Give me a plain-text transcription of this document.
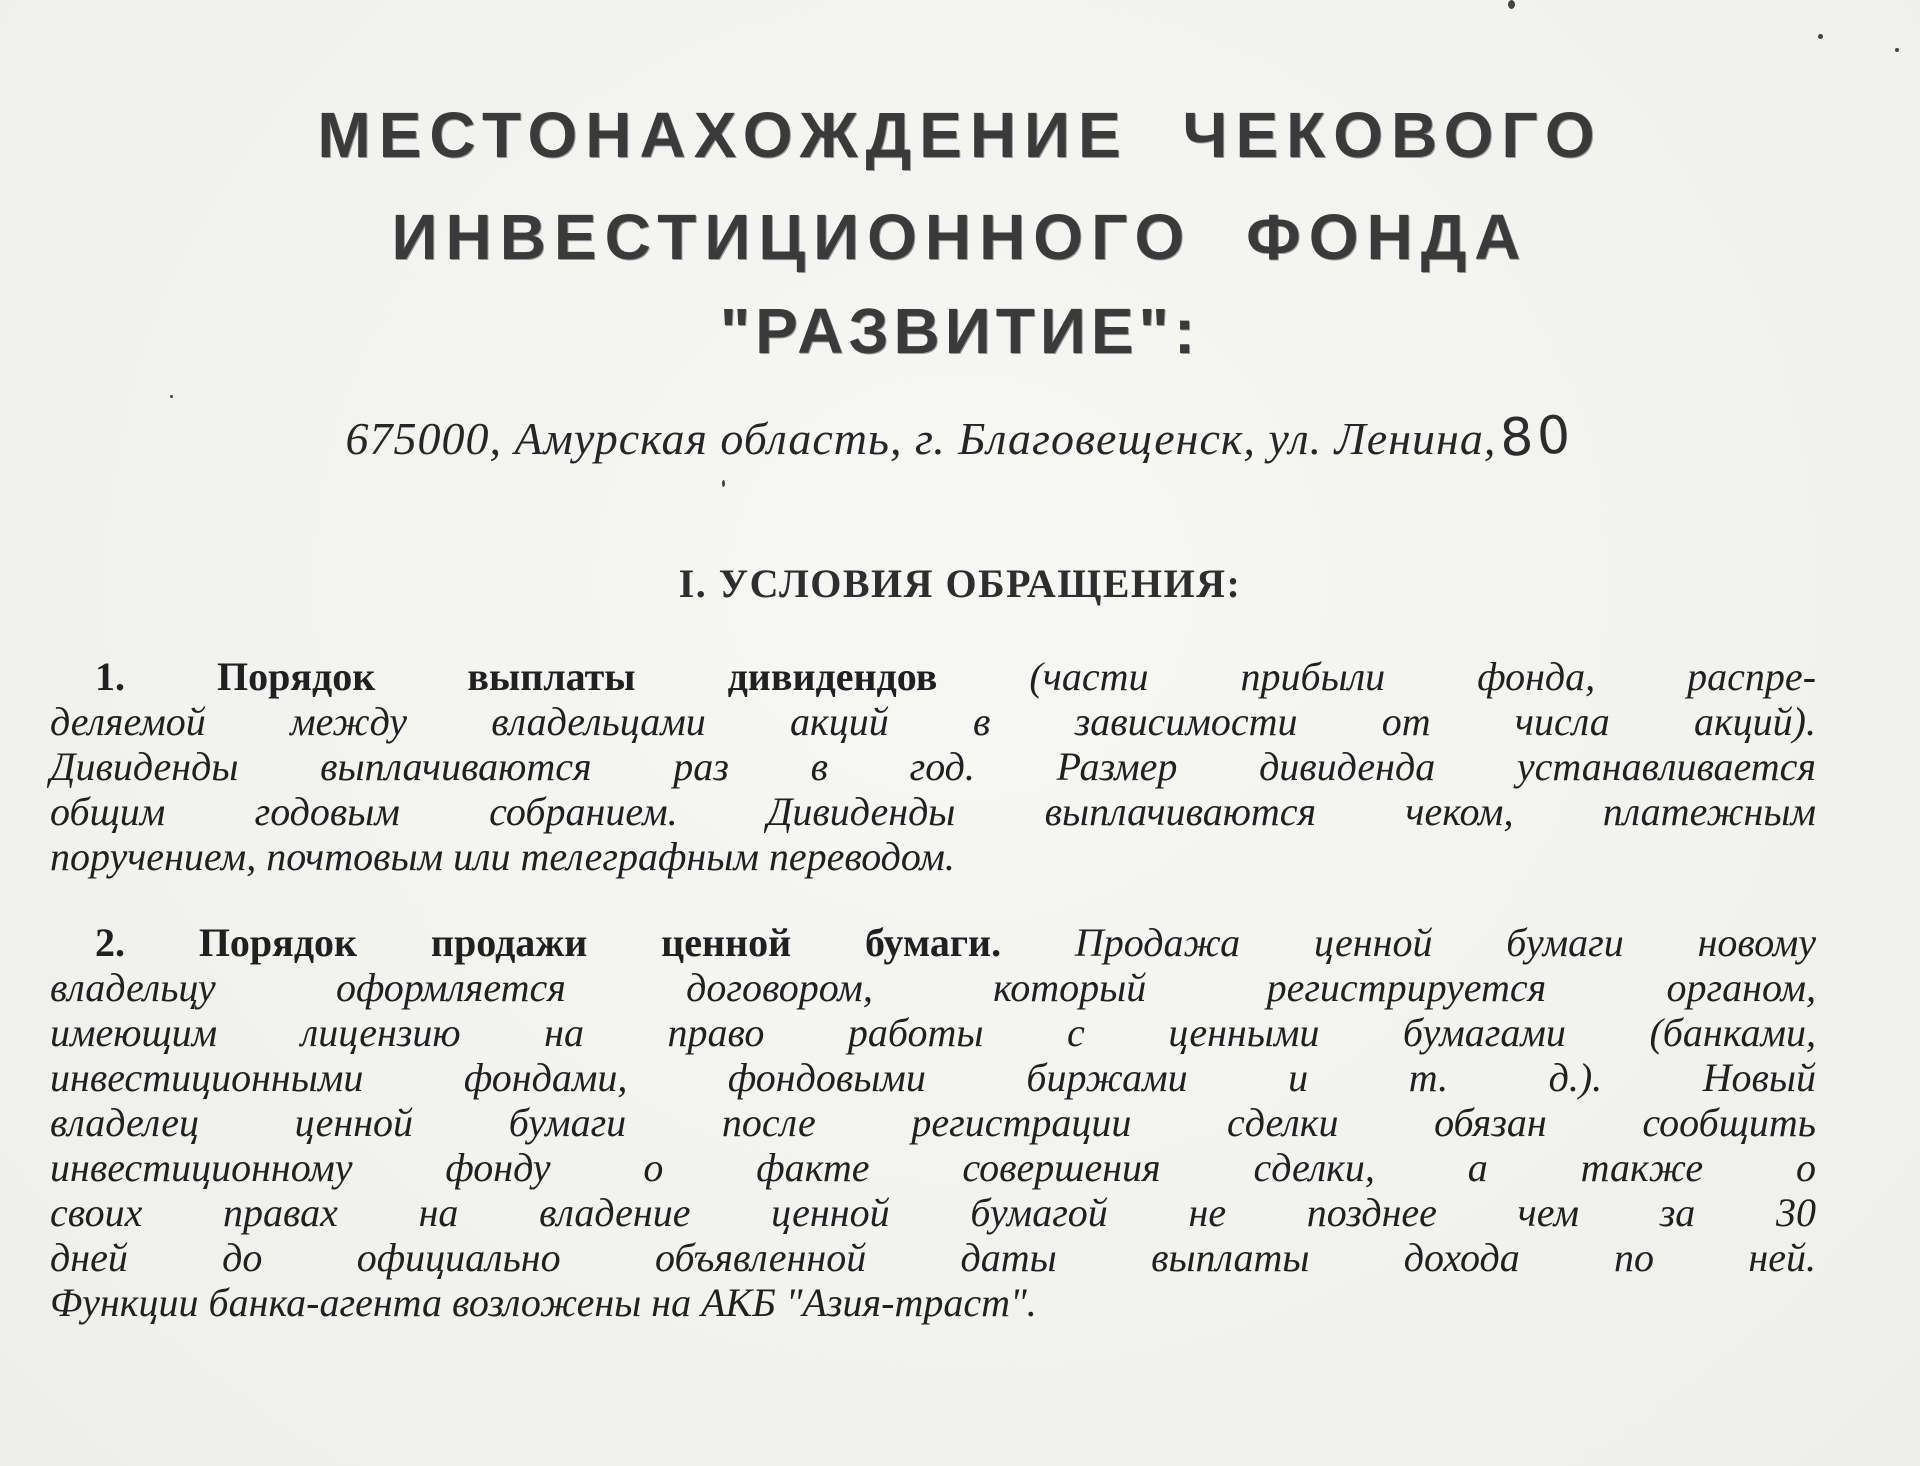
МЕСТОНАХОЖДЕНИЕ ЧЕКОВОГО
ИНВЕСТИЦИОННОГО ФОНДА
"РАЗВИТИЕ":
675000, Амурская область, г. Благовещенск, ул. Ленина,80
I. УСЛОВИЯ ОБРАЩЕНИЯ:
1. Порядок выплаты дивидендов (части прибыли фонда, распре-
деляемой между владельцами акций в зависимости от числа акций).
Дивиденды выплачиваются раз в год. Размер дивиденда устанавливается
общим годовым собранием. Дивиденды выплачиваются чеком, платежным
поручением, почтовым или телеграфным переводом.
2. Порядок продажи ценной бумаги. Продажа ценной бумаги новому
владельцу оформляется договором, который регистрируется органом,
имеющим лицензию на право работы с ценными бумагами (банками,
инвестиционными фондами, фондовыми биржами и т. д.). Новый
владелец ценной бумаги после регистрации сделки обязан сообщить
инвестиционному фонду о факте совершения сделки, а также о
своих правах на владение ценной бумагой не позднее чем за 30
дней до официально объявленной даты выплаты дохода по ней.
Функции банка-агента возложены на АКБ "Азия-траст".
